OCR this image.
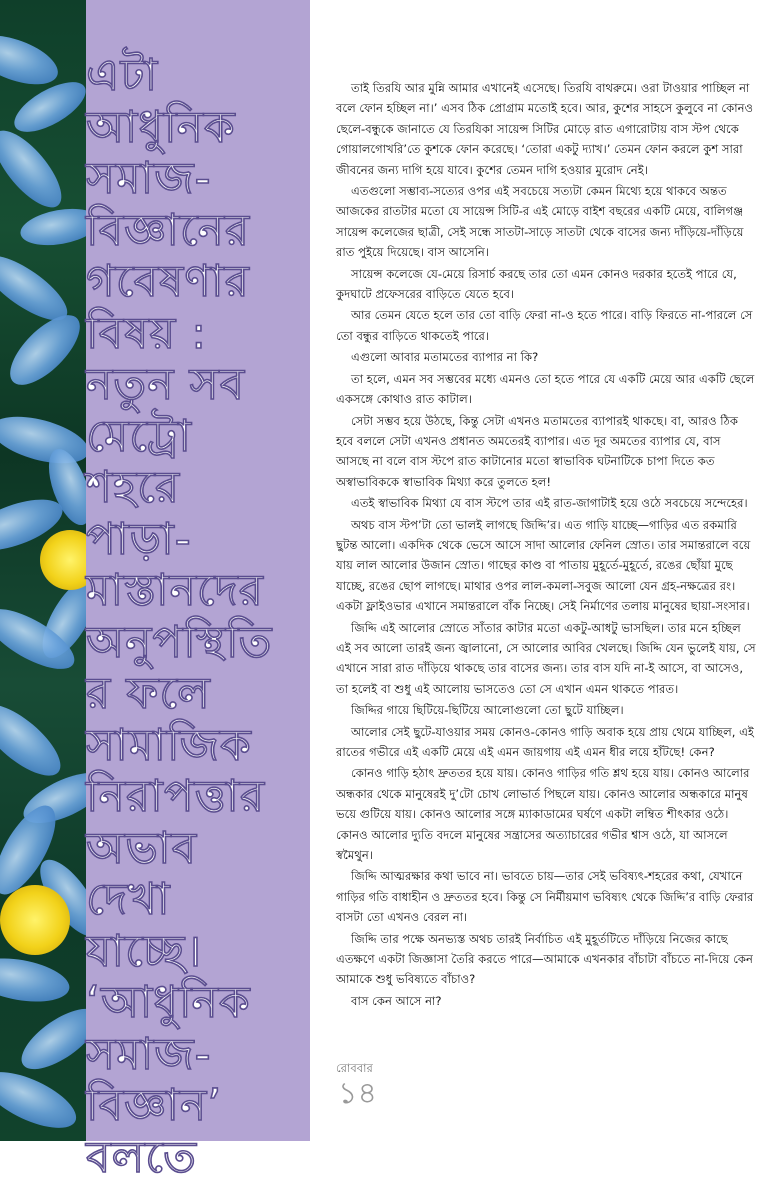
এটা
আধুনিক
সমাজ-
বিজ্ঞানের
গবেষণার
বিষয় :
নতুন সব
মেট্রো
শহরে
পাড়া-
মাস্তানদের
অনুপস্থিতি
র ফলে
সামাজিক
নিরাপত্তার
অভাব
দেখা
যাচ্ছে।
‘আধুনিক
সমাজ-
বিজ্ঞান’
বলতে

তাই তিরযি আর মুন্নি আমার এখানেই এসেছে। তিরযি বাথরুমে। ওরা টাওয়ার পাচ্ছিল না বলে ফোন হচ্ছিল না।’ এসব ঠিক প্রোগ্রাম মতোই হবে। আর, কুশের সাহসে কুলুবে না কোনও ছেলে-বন্ধুকে জানাতে যে তিরযিকা সায়েন্স সিটির মোড়ে রাত এগারোটায় বাস স্টপ থেকে গোয়ালগোখরি’তে কুশকে ফোন করেছে। ‘তোরা একটু দ্যাখ।’ তেমন ফোন করলে কুশ সারা জীবনের জন্য দাগি হয়ে যাবে। কুশের তেমন দাগি হওয়ার মুরোদ নেই।

এতগুলো সম্ভাব্য-সত্যের ওপর এই সবচেয়ে সত্যটা কেমন মিথ্যে হয়ে থাকবে অন্তত আজকের রাতটার মতো যে সায়েন্স সিটি-র এই মোড়ে বাইশ বছরের একটি মেয়ে, বালিগঞ্জ সায়েন্স কলেজের ছাত্রী, সেই সন্ধে সাতটা-সাড়ে সাতটা থেকে বাসের জন্য দাঁড়িয়ে-দাঁড়িয়ে রাত পুইয়ে দিয়েছে। বাস আসেনি।

সায়েন্স কলেজে যে-মেয়ে রিসার্চ করছে তার তো এমন কোনও দরকার হতেই পারে যে, কুদঘাটে প্রফেসরের বাড়িতে যেতে হবে।

আর তেমন যেতে হলে তার তো বাড়ি ফেরা না-ও হতে পারে। বাড়ি ফিরতে না-পারলে সে তো বন্ধুর বাড়িতে থাকতেই পারে।

এগুলো আবার মতামতের ব্যাপার না কি?

তা হলে, এমন সব সম্ভবের মধ্যে এমনও তো হতে পারে যে একটি মেয়ে আর একটি ছেলে একসঙ্গে কোথাও রাত কাটাল।

সেটা সম্ভব হয়ে উঠছে, কিন্তু সেটা এখনও মতামতের ব্যাপারই থাকছে। বা, আরও ঠিক হবে বললে সেটা এখনও প্রধানত অমতেরই ব্যাপার। এত দূর অমতের ব্যাপার যে, বাস আসছে না বলে বাস স্টপে রাত কাটানোর মতো স্বাভাবিক ঘটনাটিকে চাপা দিতে কত অস্বাভাবিককে স্বাভাবিক মিথ্যা করে তুলতে হল!

এতই স্বাভাবিক মিথ্যা যে বাস স্টপে তার এই রাত-জাগাটাই হয়ে ওঠে সবচেয়ে সন্দেহের।

অথচ বাস স্টপ’টা তো ভালই লাগছে জিদ্দি’র। এত গাড়ি যাচ্ছে—গাড়ির এত রকমারি ছুটন্ত আলো। একদিক থেকে ভেসে আসে সাদা আলোর ফেনিল স্রোত। তার সমান্তরালে বয়ে যায় লাল আলোর উজান স্রোত। গাছের কাণ্ড বা পাতায় মুহূর্তে-মুহূর্তে, রঙের ছোঁয়া মুছে যাচ্ছে, রঙের ছোপ লাগছে। মাথার ওপর লাল-কমলা-সবুজ আলো যেন গ্রহ-নক্ষত্রের রং। একটা ফ্লাইওভার এখানে সমান্তরালে বাঁক নিচ্ছে। সেই নির্মাণের তলায় মানুষের ছায়া-সংসার।

জিদ্দি এই আলোর স্রোতে সাঁতার কাটার মতো একটু-আধটু ভাসছিল। তার মনে হচ্ছিল এই সব আলো তারই জন্য জ্বালানো, সে আলোর আবির খেলছে। জিদ্দি যেন ভুলেই যায়, সে এখানে সারা রাত দাঁড়িয়ে থাকছে তার বাসের জন্য। তার বাস যদি না-ই আসে, বা আসেও, তা হলেই বা শুধু এই আলোয় ভাসতেও তো সে এখান এমন থাকতে পারত।

জিদ্দির গায়ে ছিটিয়ে-ছিটিয়ে আলোগুলো তো ছুটে যাচ্ছিল।

আলোর সেই ছুটে-যাওয়ার সময় কোনও-কোনও গাড়ি অবাক হয়ে প্রায় থেমে যাচ্ছিল, এই রাতের গভীরে এই একটি মেয়ে এই এমন জায়গায় এই এমন ধীর লয়ে হাঁটছে! কেন?

কোনও গাড়ি হঠাৎ দ্রুততর হয়ে যায়। কোনও গাড়ির গতি শ্লথ হয়ে যায়। কোনও আলোর অন্ধকার থেকে মানুষেরই দু’টো চোখ লোভার্ত পিছলে যায়। কোনও আলোর অন্ধকারে মানুষ ভয়ে গুটিয়ে যায়। কোনও আলোর সঙ্গে ম্যাকাডামের ঘর্ষণে একটা লম্বিত শীৎকার ওঠে। কোনও আলোর দ্যুতি বদলে মানুষের সন্ত্রাসের অত্যাচারের গভীর শ্বাস ওঠে, যা আসলে স্বমৈথুন।

জিদ্দি আত্মরক্ষার কথা ভাবে না। ভাবতে চায়—তার সেই ভবিষ্যৎ-শহরের কথা, যেখানে গাড়ির গতি বাধাহীন ও দ্রুততর হবে। কিন্তু সে নির্মীয়মাণ ভবিষ্যৎ থেকে জিদ্দি’র বাড়ি ফেরার বাসটা তো এখনও বেরল না।

জিদ্দি তার পক্ষে অনভ্যস্ত অথচ তারই নির্বাচিত এই মুহূর্তটিতে দাঁড়িয়ে নিজের কাছে এতক্ষণে একটা জিজ্ঞাসা তৈরি করতে পারে—আমাকে এখনকার বাঁচাটা বাঁচতে না-দিয়ে কেন আমাকে শুধু ভবিষ্যতে বাঁচাও?

বাস কেন আসে না?

রোববার
১৪
